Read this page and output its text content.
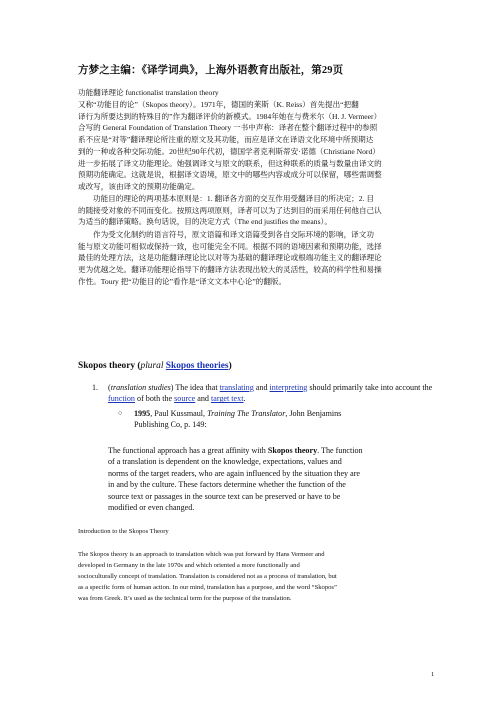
方梦之主编：《译学词典》，上海外语教育出版社，第29页
功能翻译理论 functionalist translation theory
又称“功能目的论”（Skopos theory）。1971年，德国的莱斯（K. Reiss）首先提出“把翻
译行为所要达到的特殊目的”作为翻译评价的新模式。1984年她在与费米尔（H. J. Vermeer）
合写的 General Foundation of Translation Theory 一书中声称：译者在整个翻译过程中的参照
系不应是“对等”翻译理论所注重的原文及其功能，而应是译文在译语文化环境中所预期达
到的一种或各种交际功能。20世纪90年代初，德国学者克利斯蒂安·诺德（Christiane Nord）
进一步拓展了译文功能理论。她强调译文与原文的联系，但这种联系的质量与数量由译文的
预期功能确定。这就是说，根据译文语境，原文中的哪些内容或成分可以保留，哪些需调整
或改写，该由译文的预期功能确定。
功能目的理论的两项基本原则是：1. 翻译各方面的交互作用受翻译目的所决定；2. 目
的随接受对象的不同而变化。按照这两项原则，译者可以为了达到目的而采用任何他自己认
为适当的翻译策略。换句话说，目的决定方式（The end justifies the means）。
作为受文化制约的语言符号，原文语篇和译文语篇受到各自交际环境的影响，译文功
能与原文功能可相似或保持一致，也可能完全不同。根据不同的语境因素和预期功能，选择
最佳的处理方法，这是功能翻译理论比以对等为基础的翻译理论或根端功能主义的翻译理论
更为优越之处。翻译功能理论指导下的翻译方法表现出较大的灵活性，较高的科学性和易操
作性。Toury 把“功能目的论”看作是“译文文本中心论”的翻版。
Skopos theory (plural Skopos theories)
1. (translation studies) The idea that translating and interpreting should primarily take into account the function of both the source and target text.
○ 1995, Paul Kussmaul, Training The Translator, John Benjamins
Publishing Co, p. 149:
The functional approach has a great affinity with Skopos theory. The function
of a translation is dependent on the knowledge, expectations, values and
norms of the target readers, who are again influenced by the situation they are
in and by the culture. These factors determine whether the function of the
source text or passages in the source text can be preserved or have to be
modified or even changed.
Introduction to the Skopos Theory
The Skopos theory is an approach to translation which was put forward by Hans Vermeer and
developed in Germany in the late 1970s and which oriented a more functionally and
socioculturally concept of translation. Translation is considered not as a process of translation, but
as a specific form of human action. In our mind, translation has a purpose, and the word “Skopos”
was from Greek. It’s used as the technical term for the purpose of the translation.
1
